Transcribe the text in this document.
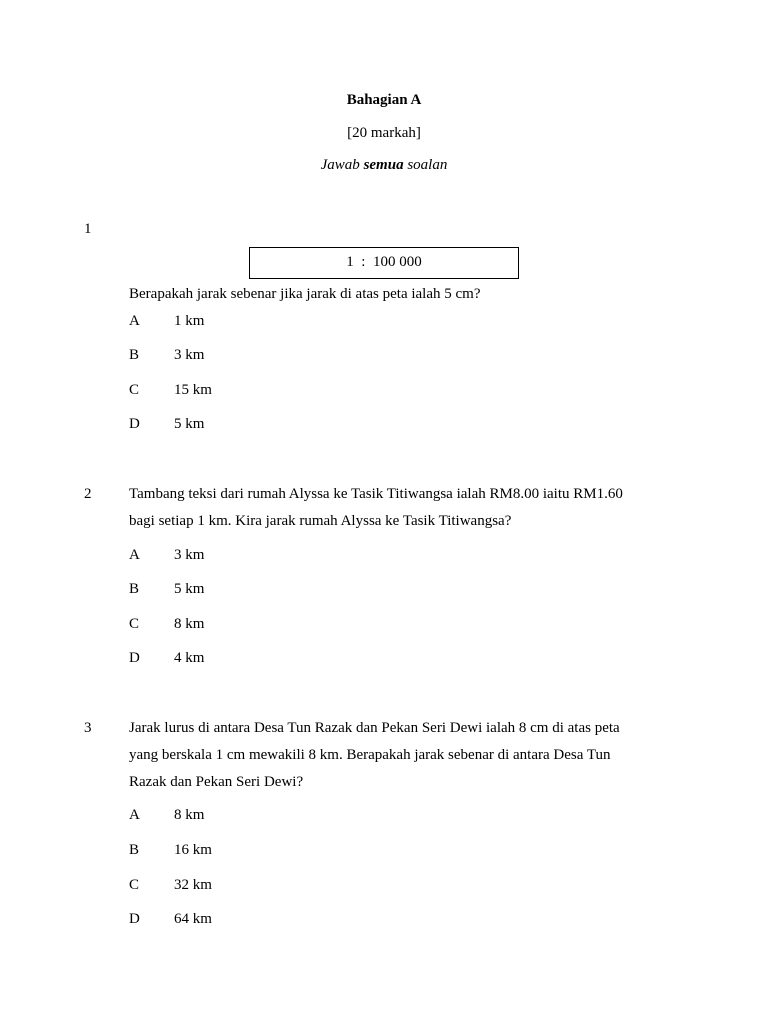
Bahagian A
[20 markah]
Jawab semua soalan
1
1  :  100 000
Berapakah jarak sebenar jika jarak di atas peta ialah 5 cm?
A 1 km
B 3 km
C 15 km
D 5 km
2	Tambang teksi dari rumah Alyssa ke Tasik Titiwangsa ialah RM8.00 iaitu RM1.60
bagi setiap 1 km. Kira jarak rumah Alyssa ke Tasik Titiwangsa?
A 3 km
B 5 km
C 8 km
D 4 km
3	Jarak lurus di antara Desa Tun Razak dan Pekan Seri Dewi ialah 8 cm di atas peta
yang berskala 1 cm mewakili 8 km. Berapakah jarak sebenar di antara Desa Tun
Razak dan Pekan Seri Dewi?
A 8 km
B 16 km
C 32 km
D 64 km
